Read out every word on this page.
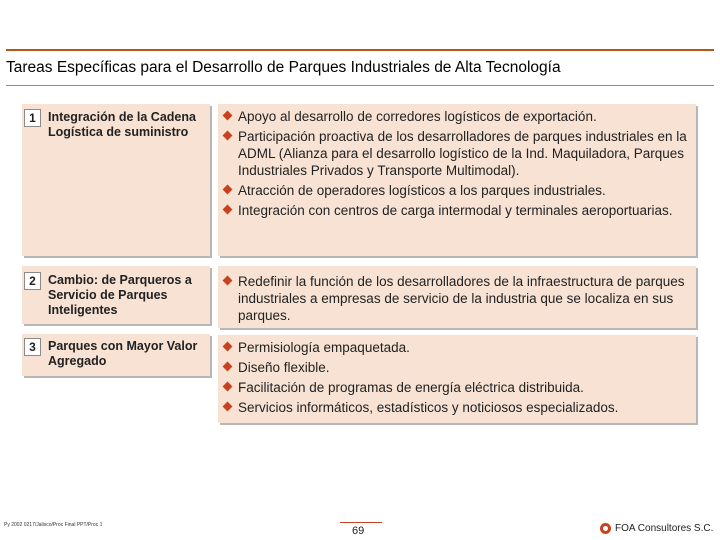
Tareas Específicas para el Desarrollo de Parques Industriales de Alta Tecnología
1 Integración de la Cadena Logística de suministro
2 Cambio: de Parqueros a Servicio de Parques Inteligentes
3 Parques con Mayor Valor Agregado
Apoyo al desarrollo de corredores logísticos de exportación.
Participación proactiva de los desarrolladores de parques industriales en la ADML (Alianza para el desarrollo logístico de la Ind. Maquiladora, Parques Industriales Privados y Transporte Multimodal).
Atracción de operadores logísticos a los parques industriales.
Integración con centros de carga intermodal y terminales aeroportuarias.
Redefinir la función de los desarrolladores de la infraestructura de parques industriales a empresas de servicio de la industria que se localiza en sus parques.
Permisiología empaquetada.
Diseño flexible.
Facilitación de programas de energía eléctrica distribuida.
Servicios informáticos, estadísticos y noticiosos especializados.
Py 2002 0217/Jalisco/Proc Final PPT/Proc 1	69	FOA Consultores S.C.
